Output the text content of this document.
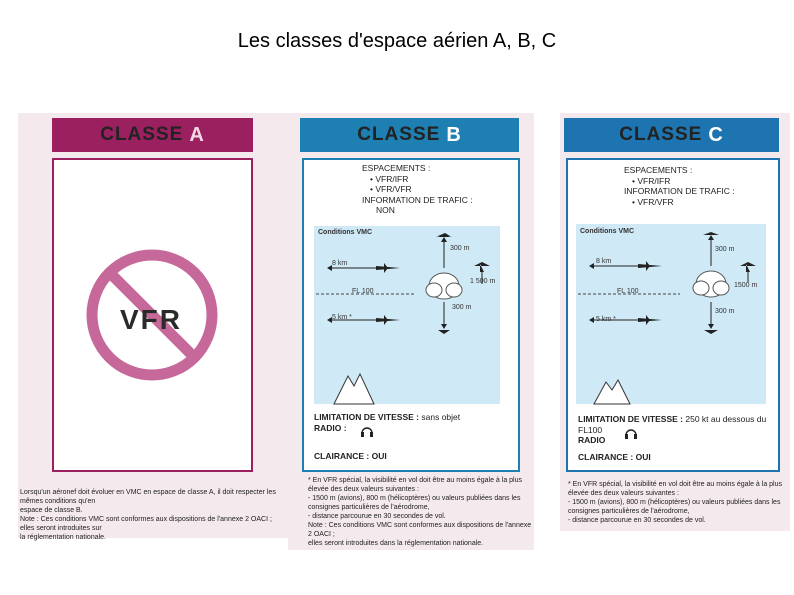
Les classes d'espace aérien A, B, C
CLASSE A
VFR
Lorsqu'un aéronef doit évoluer en VMC en espace de classe A, il doit respecter les mêmes conditions qu'en
espace de classe B.
Note : Ces conditions VMC sont conformes aux dispositions de l'annexe 2 OACI ; elles seront introduites sur
la réglementation nationale.
CLASSE B
ESPACEMENTS :
• VFR/IFR
• VFR/VFR
INFORMATION DE TRAFIC :
NON
Conditions VMC
300 m
8 km
1 500 m
FL 100
300 m
5 km *
LIMITATION DE VITESSE : sans objet
RADIO :
CLAIRANCE : OUI
* En VFR spécial, la visibilité en vol doit être au moins égale à la plus
élevée des deux valeurs suivantes :
- 1500 m (avions), 800 m (hélicoptères) ou valeurs publiées dans les
consignes particulières de l'aérodrome,
- distance parcourue en 30 secondes de vol.
Note : Ces conditions VMC sont conformes aux dispositions de l'annexe 2 OACI ;
elles seront introduites dans la réglementation nationale.
CLASSE C
ESPACEMENTS :
• VFR/IFR
INFORMATION DE TRAFIC :
• VFR/VFR
Conditions VMC
300 m
8 km
1500 m
FL 100
300 m
5 km *
LIMITATION DE VITESSE : 250 kt au dessous du FL100
RADIO
CLAIRANCE : OUI
* En VFR spécial, la visibilité en vol doit être au moins égale à la plus
élevée des deux valeurs suivantes :
- 1500 m (avions), 800 m (hélicoptères) ou valeurs publiées dans les
consignes particulières de l'aérodrome,
- distance parcourue en 30 secondes de vol.
